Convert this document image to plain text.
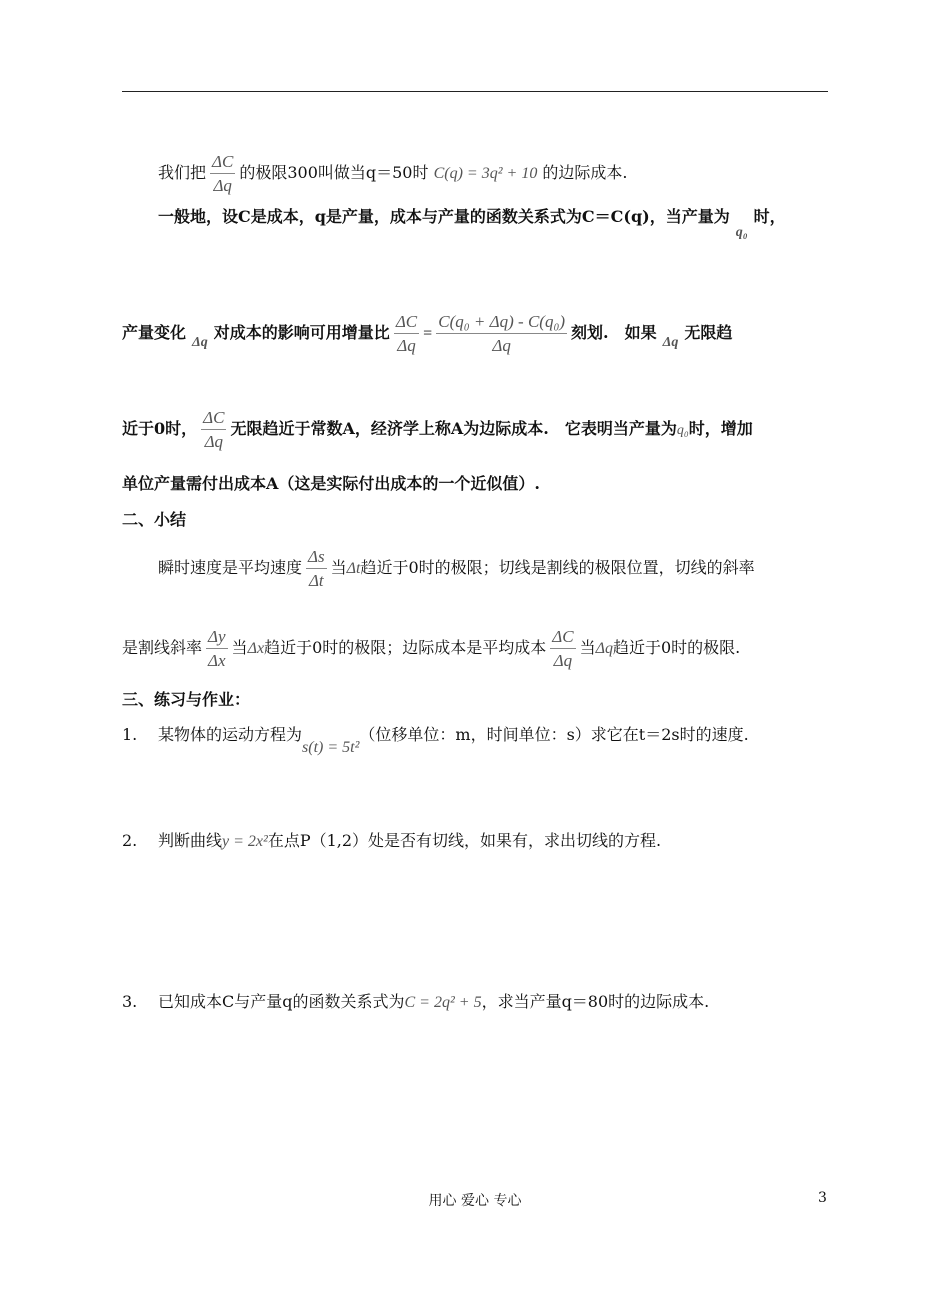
我们把 $\frac{\Delta C}{\Delta q}$ 的极限300叫做当q＝50时 C(q) = 3q² + 10 的边际成本.
一般地，设C是成本，q是产量，成本与产量的函数关系式为C＝C(q)，当产量为q₀时，
产量变化Δq对成本的影响可用增量比 $\frac{\Delta C}{\Delta q} = \frac{\text{C(q₀ + Δq) - C(q₀)}}{\Delta q}$ 刻划.　如果Δq无限趋
近于0时， $\frac{\Delta C}{\Delta q}$ 无限趋近于常数A，经济学上称A为边际成本.　它表明当产量为q₀时，增加
单位产量需付出成本A（这是实际付出成本的一个近似值）.
二、小结
瞬时速度是平均速度 $\frac{\Delta s}{\Delta t}$ 当Δt趋近于0时的极限；切线是割线的极限位置，切线的斜率
是割线斜率 $\frac{\Delta y}{\Delta x}$ 当Δx趋近于0时的极限；边际成本是平均成本 $\frac{\Delta C}{\Delta q}$ 当Δq趋近于0时的极限.
三、练习与作业：
1. 某物体的运动方程为s(t) = 5t²（位移单位：m，时间单位：s）求它在t＝2s时的速度.
2. 判断曲线y = 2x²在点P（1,2）处是否有切线，如果有，求出切线的方程.
3. 已知成本C与产量q的函数关系式为C = 2q² + 5，求当产量q＝80时的边际成本.
用心 爱心 专心	3
